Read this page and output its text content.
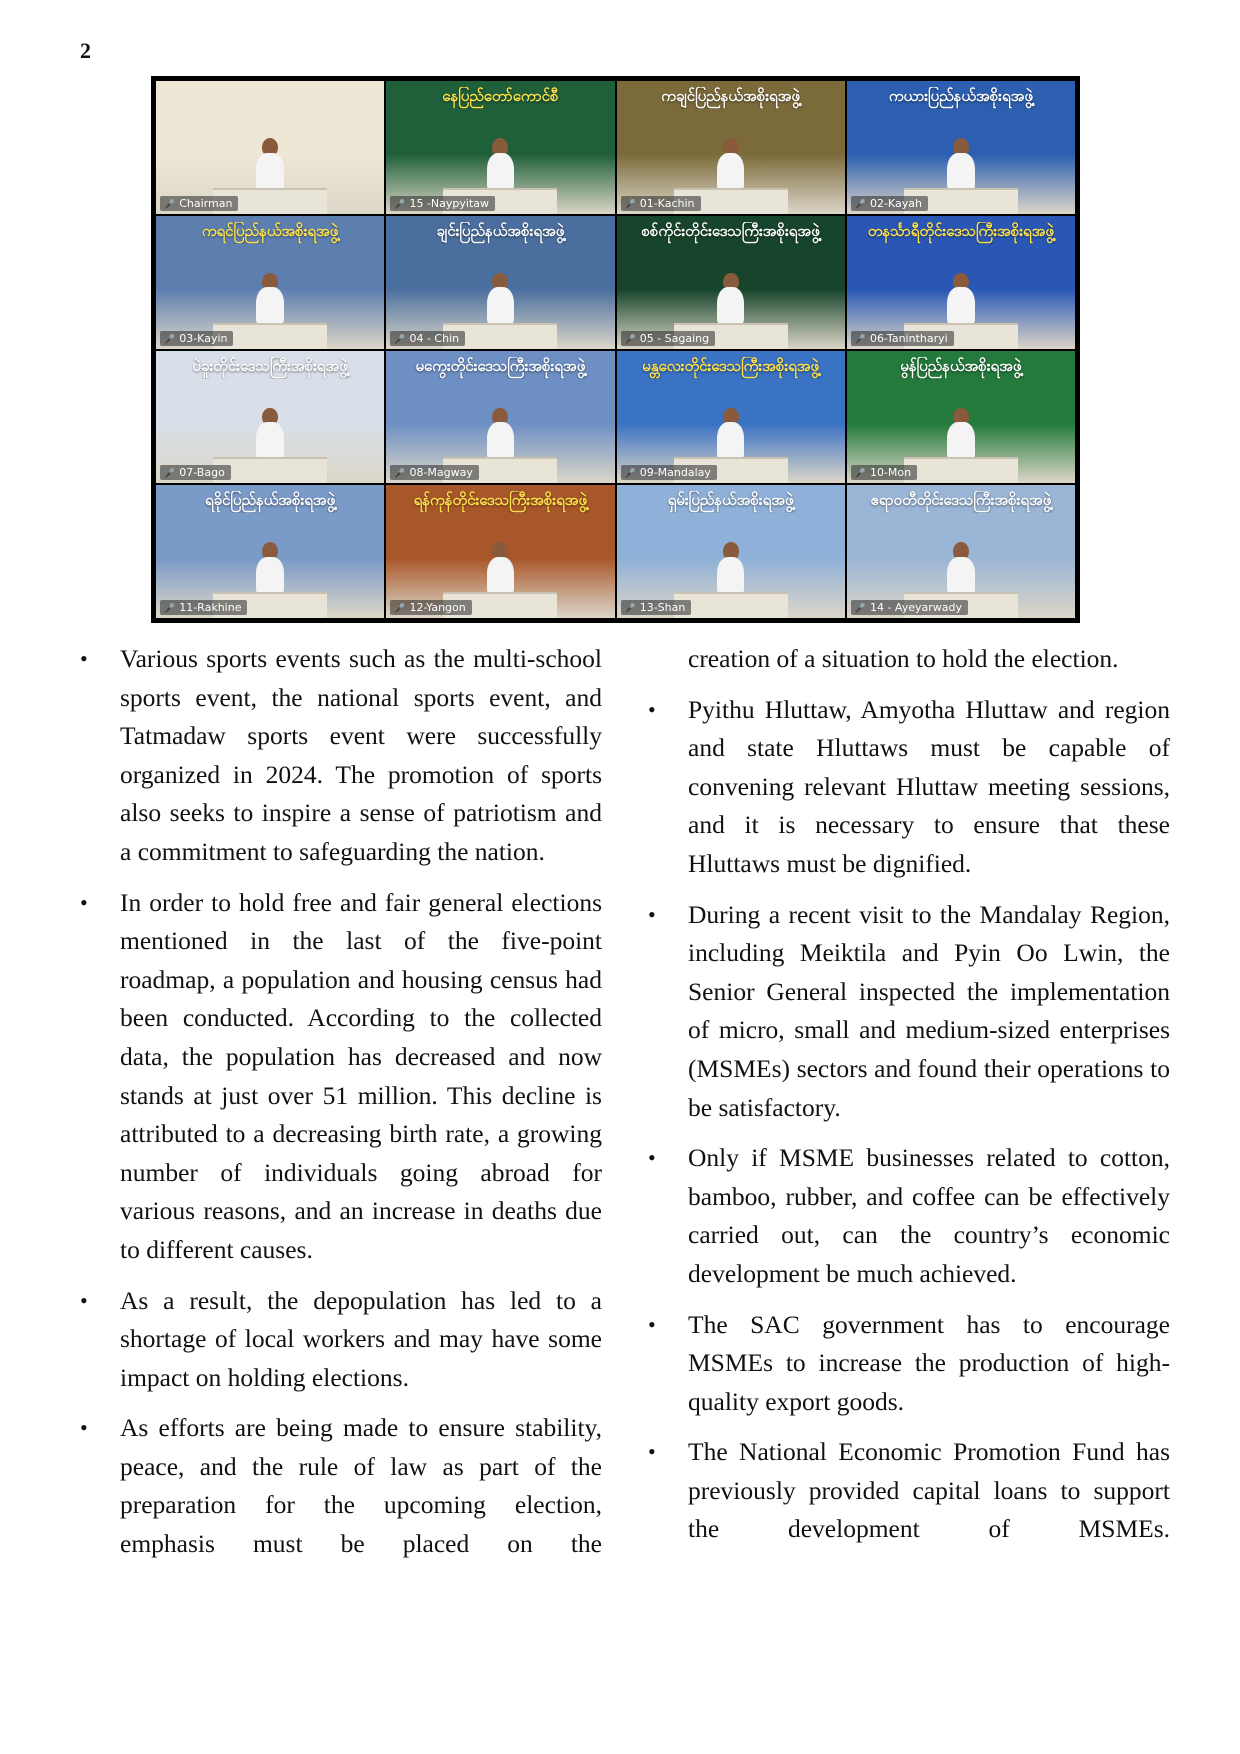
2
🎤 Chairman
နေပြည်တော်ကောင်စီ
🎤 15 -Naypyitaw
ကချင်ပြည်နယ်အစိုးရအဖွဲ့
🎤 01-Kachin
ကယားပြည်နယ်အစိုးရအဖွဲ့
🎤 02-Kayah
ကရင်ပြည်နယ်အစိုးရအဖွဲ့
🎤 03-Kayin
ချင်းပြည်နယ်အစိုးရအဖွဲ့
🎤 04 - Chin
စစ်ကိုင်းတိုင်းဒေသကြီးအစိုးရအဖွဲ့
🎤 05 - Sagaing
တနင်္သာရီတိုင်းဒေသကြီးအစိုးရအဖွဲ့
🎤 06-Tanintharyi
ပဲခူးတိုင်းဒေသကြီးအစိုးရအဖွဲ့
🎤 07-Bago
မကွေးတိုင်းဒေသကြီးအစိုးရအဖွဲ့
🎤 08-Magway
မန္တလေးတိုင်းဒေသကြီးအစိုးရအဖွဲ့
🎤 09-Mandalay
မွန်ပြည်နယ်အစိုးရအဖွဲ့
🎤 10-Mon
ရခိုင်ပြည်နယ်အစိုးရအဖွဲ့
🎤 11-Rakhine
ရန်ကုန်တိုင်းဒေသကြီးအစိုးရအဖွဲ့
🎤 12-Yangon
ရှမ်းပြည်နယ်အစိုးရအဖွဲ့
🎤 13-Shan
ဧရာဝတီတိုင်းဒေသကြီးအစိုးရအဖွဲ့
🎤 14 - Ayeyarwady
• Various sports events such as the multi-school sports event, the national sports event, and Tatmadaw sports event were successfully organized in 2024. The promotion of sports also seeks to inspire a sense of patriotism and a commitment to safeguarding the nation.
• In order to hold free and fair general elections mentioned in the last of the five-point roadmap, a population and housing census had been conducted. According to the collected data, the population has decreased and now stands at just over 51 million. This decline is attributed to a decreasing birth rate, a growing number of individuals going abroad for various reasons, and an increase in deaths due to different causes.
• As a result, the depopulation has led to a shortage of local workers and may have some impact on holding elections.
• As efforts are being made to ensure stability, peace, and the rule of law as part of the preparation for the upcoming election, emphasis must be placed on the

creation of a situation to hold the election.

• Pyithu Hluttaw, Amyotha Hluttaw and region and state Hluttaws must be capable of convening relevant Hluttaw meeting sessions, and it is necessary to ensure that these Hluttaws must be dignified.
• During a recent visit to the Mandalay Region, including Meiktila and Pyin Oo Lwin, the Senior General inspected the implementation of micro, small and medium-sized enterprises (MSMEs) sectors and found their operations to be satisfactory.
• Only if MSME businesses related to cotton, bamboo, rubber, and coffee can be effectively carried out, can the country’s economic development be much achieved.
• The SAC government has to encourage MSMEs to increase the production of high-quality export goods.
• The National Economic Promotion Fund has previously provided capital loans to support the development of MSMEs.
